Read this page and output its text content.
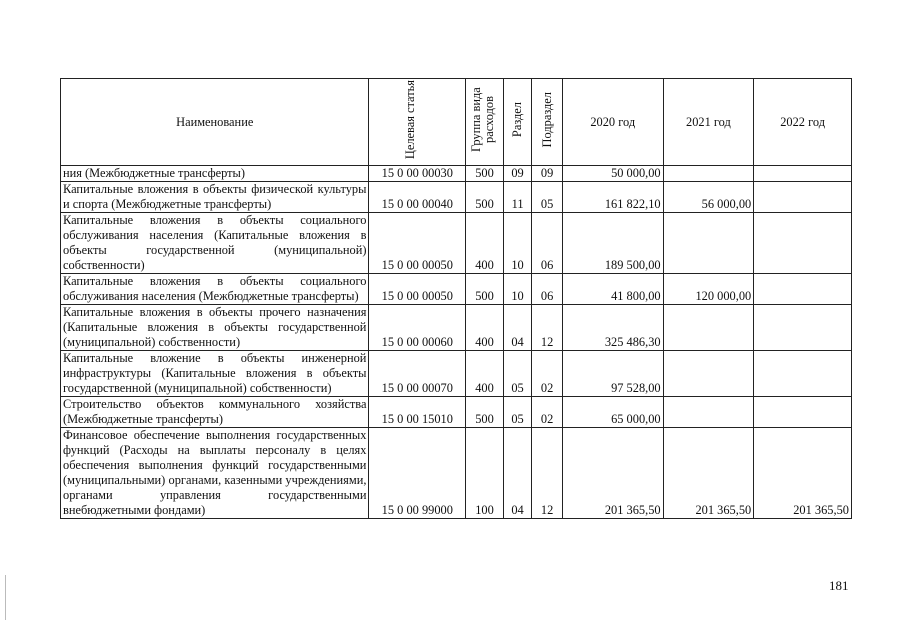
Наименование	Целевая статья	Группа вида расходов	Раздел	Подраздел	2020 год	2021 год	2022 год
ния (Межбюджетные трансферты)	15 0 00 00030	500	09	09	50 000,00		
Капитальные вложения в объекты физической культуры и спорта (Межбюджетные трансферты)	15 0 00 00040	500	11	05	161 822,10	56 000,00	
Капитальные вложения в объекты социального обслуживания населения (Капитальные вложения в объекты государственной (муниципальной) собственности)	15 0 00 00050	400	10	06	189 500,00		
Капитальные вложения в объекты социального обслуживания населения (Межбюджетные трансферты)	15 0 00 00050	500	10	06	41 800,00	120 000,00	
Капитальные вложения в объекты прочего назначения (Капитальные вложения в объекты государственной (муниципальной) собственности)	15 0 00 00060	400	04	12	325 486,30		
Капитальные вложение в объекты инженерной инфраструктуры (Капитальные вложения в объекты государственной (муниципальной) собственности)	15 0 00 00070	400	05	02	97 528,00		
Строительство объектов коммунального хозяйства (Межбюджетные трансферты)	15 0 00 15010	500	05	02	65 000,00		
Финансовое обеспечение выполнения государственных функций (Расходы на выплаты персоналу в целях обеспечения выполнения функций государственными (муниципальными) органами, казенными учреждениями, органами управления государственными внебюджетными фондами)	15 0 00 99000	100	04	12	201 365,50	201 365,50	201 365,50
181
